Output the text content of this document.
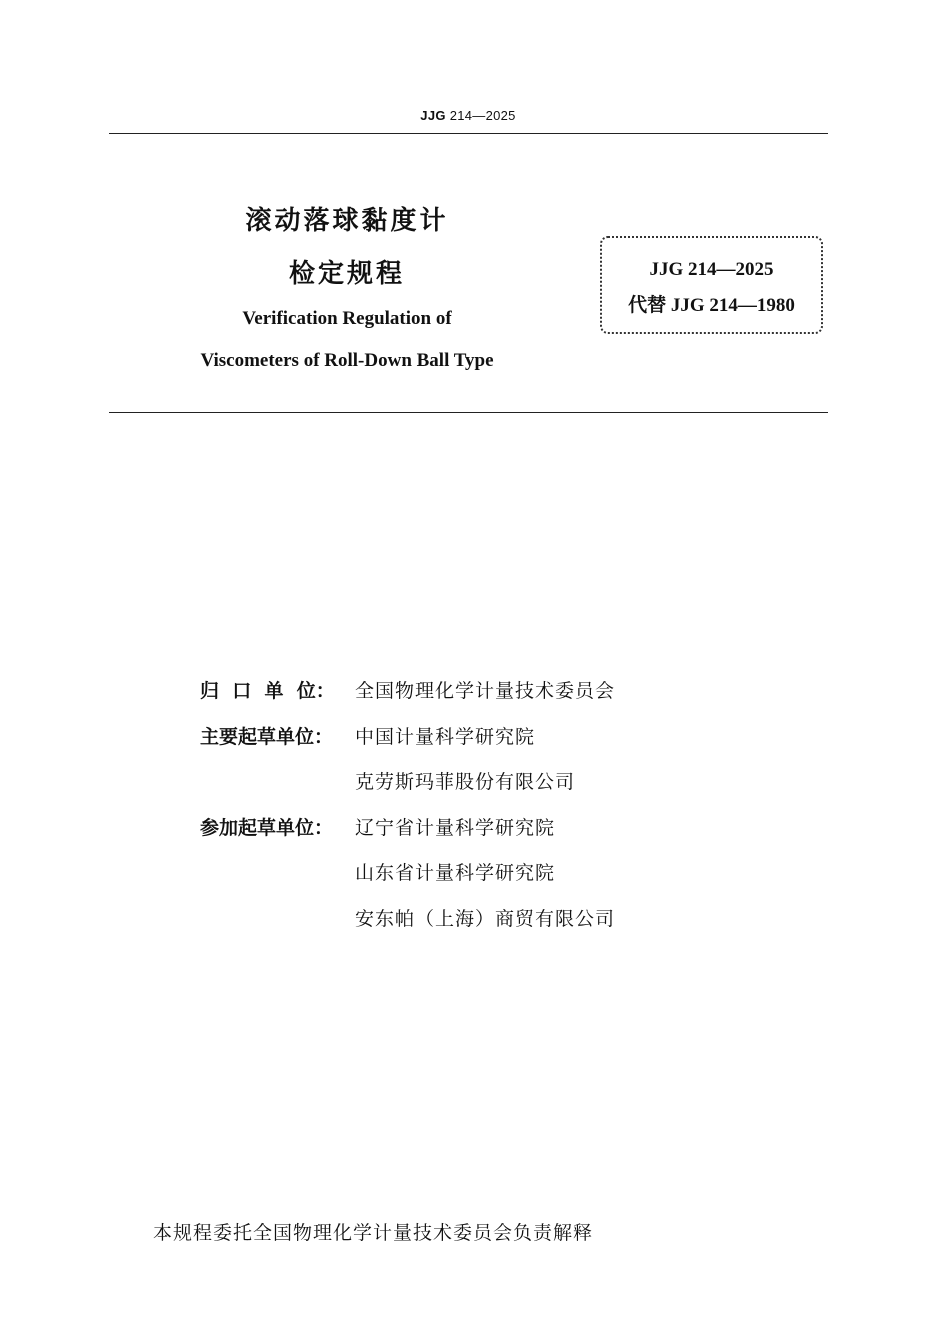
JJG 214—2025
滚动落球黏度计
检定规程
Verification Regulation of
Viscometers of Roll-Down Ball Type
JJG 214—2025
代替 JJG 214—1980
归  口  单  位：	全国物理化学计量技术委员会
主要起草单位：	中国计量科学研究院
克劳斯玛菲股份有限公司
参加起草单位：	辽宁省计量科学研究院
山东省计量科学研究院
安东帕（上海）商贸有限公司
本规程委托全国物理化学计量技术委员会负责解释
